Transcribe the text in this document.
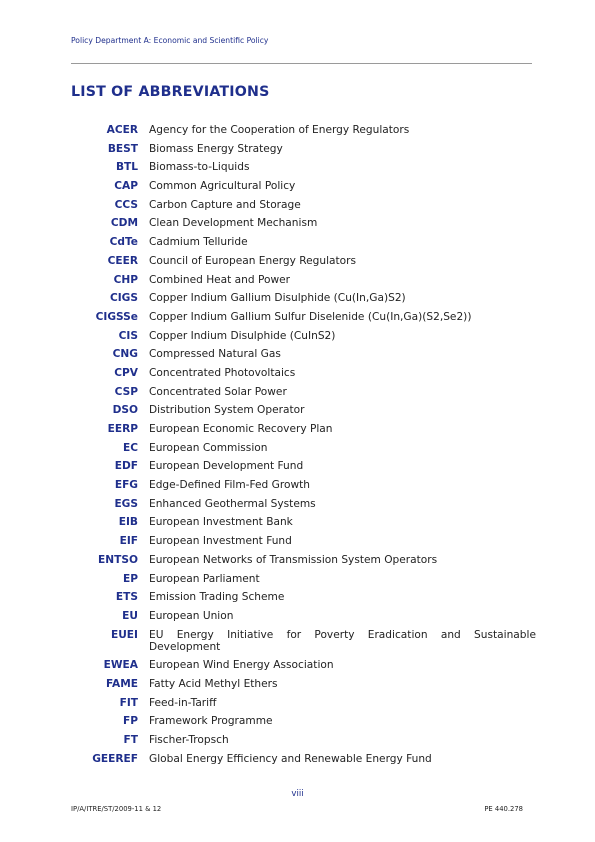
Policy Department A: Economic and Scientific Policy
LIST OF ABBREVIATIONS
ACER Agency for the Cooperation of Energy Regulators
BEST Biomass Energy Strategy
BTL Biomass-to-Liquids
CAP Common Agricultural Policy
CCS Carbon Capture and Storage
CDM Clean Development Mechanism
CdTe Cadmium Telluride
CEER Council of European Energy Regulators
CHP Combined Heat and Power
CIGS Copper Indium Gallium Disulphide (Cu(In,Ga)S2)
CIGSSe Copper Indium Gallium Sulfur Diselenide (Cu(In,Ga)(S2,Se2))
CIS Copper Indium Disulphide (CuInS2)
CNG Compressed Natural Gas
CPV Concentrated Photovoltaics
CSP Concentrated Solar Power
DSO Distribution System Operator
EERP European Economic Recovery Plan
EC European Commission
EDF European Development Fund
EFG Edge-Defined Film-Fed Growth
EGS Enhanced Geothermal Systems
EIB European Investment Bank
EIF European Investment Fund
ENTSO European Networks of Transmission System Operators
EP European Parliament
ETS Emission Trading Scheme
EU European Union
EUEI EU Energy Initiative for Poverty Eradication and Sustainable Development
EWEA European Wind Energy Association
FAME Fatty Acid Methyl Ethers
FIT Feed-in-Tariff
FP Framework Programme
FT Fischer-Tropsch
GEEREF Global Energy Efficiency and Renewable Energy Fund
viii
IP/A/ITRE/ST/2009-11 & 12	PE 440.278
